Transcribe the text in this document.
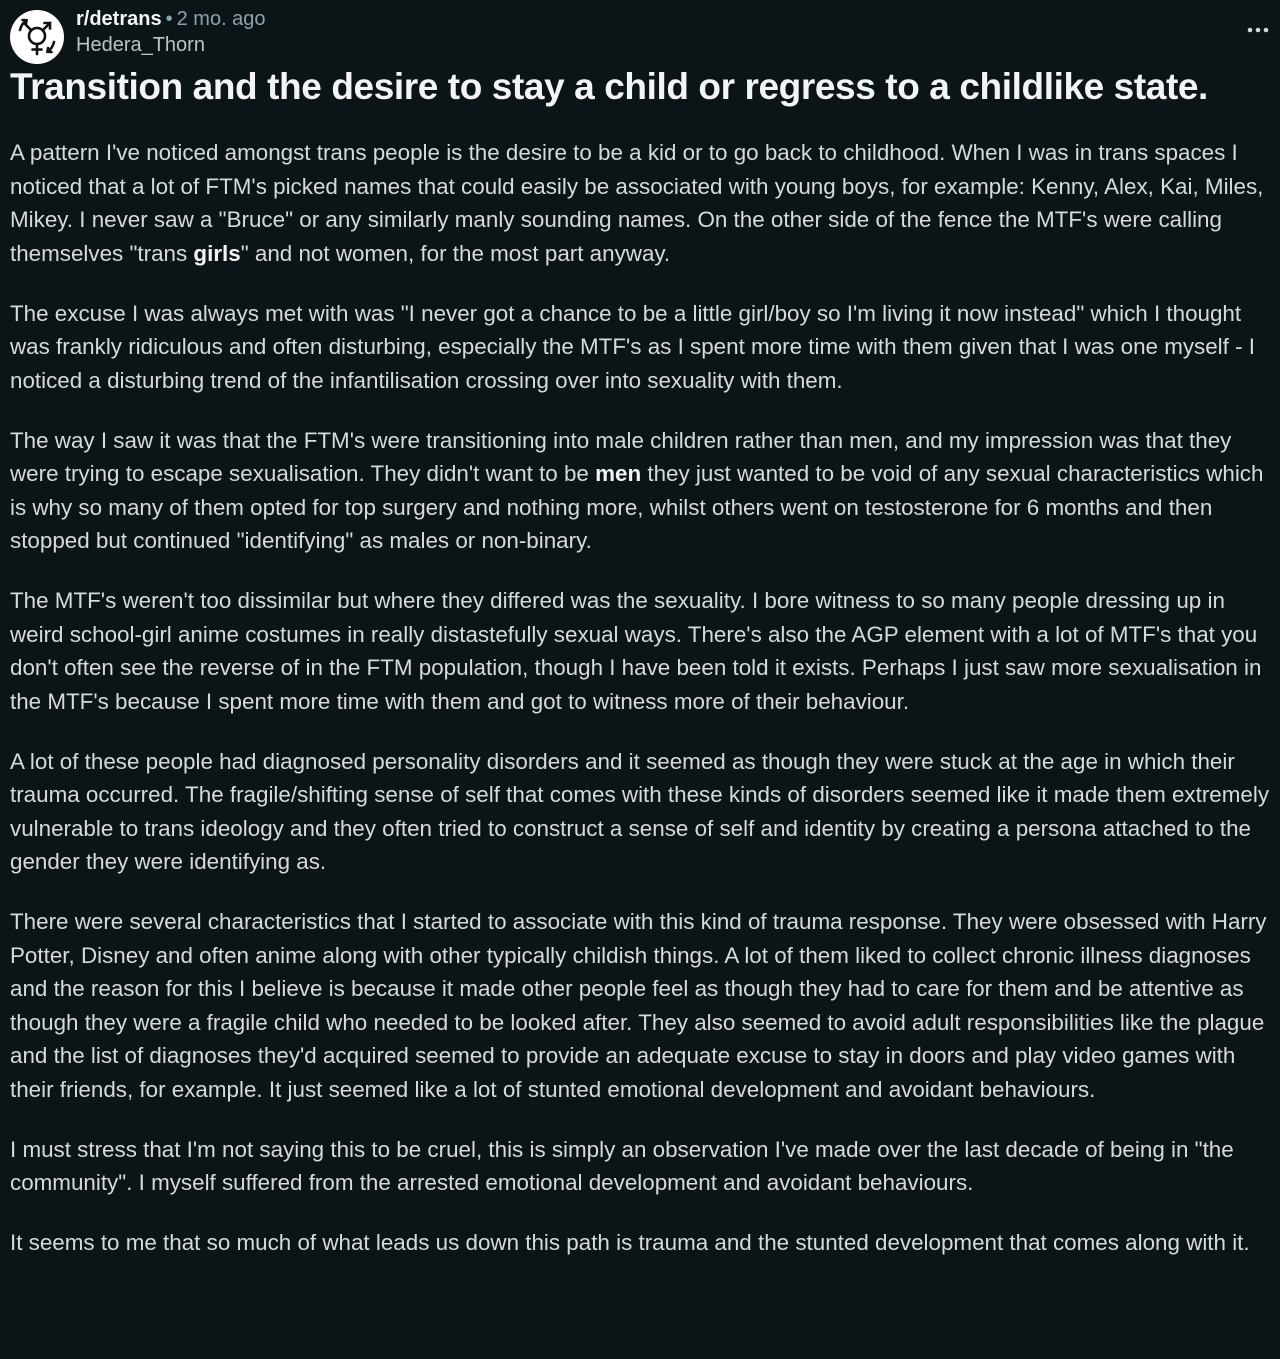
r/detrans • 2 mo. ago
Hedera_Thorn
Transition and the desire to stay a child or regress to a childlike state.

A pattern I've noticed amongst trans people is the desire to be a kid or to go back to childhood. When I was in trans spaces I noticed that a lot of FTM's picked names that could easily be associated with young boys, for example: Kenny, Alex, Kai, Miles, Mikey. I never saw a "Bruce" or any similarly manly sounding names. On the other side of the fence the MTF's were calling themselves "trans girls" and not women, for the most part anyway.

The excuse I was always met with was "I never got a chance to be a little girl/boy so I'm living it now instead" which I thought was frankly ridiculous and often disturbing, especially the MTF's as I spent more time with them given that I was one myself - I noticed a disturbing trend of the infantilisation crossing over into sexuality with them.

The way I saw it was that the FTM's were transitioning into male children rather than men, and my impression was that they were trying to escape sexualisation. They didn't want to be men they just wanted to be void of any sexual characteristics which is why so many of them opted for top surgery and nothing more, whilst others went on testosterone for 6 months and then stopped but continued "identifying" as males or non-binary.

The MTF's weren't too dissimilar but where they differed was the sexuality. I bore witness to so many people dressing up in weird school-girl anime costumes in really distastefully sexual ways. There's also the AGP element with a lot of MTF's that you don't often see the reverse of in the FTM population, though I have been told it exists. Perhaps I just saw more sexualisation in the MTF's because I spent more time with them and got to witness more of their behaviour.

A lot of these people had diagnosed personality disorders and it seemed as though they were stuck at the age in which their trauma occurred. The fragile/shifting sense of self that comes with these kinds of disorders seemed like it made them extremely vulnerable to trans ideology and they often tried to construct a sense of self and identity by creating a persona attached to the gender they were identifying as.

There were several characteristics that I started to associate with this kind of trauma response. They were obsessed with Harry Potter, Disney and often anime along with other typically childish things. A lot of them liked to collect chronic illness diagnoses and the reason for this I believe is because it made other people feel as though they had to care for them and be attentive as though they were a fragile child who needed to be looked after. They also seemed to avoid adult responsibilities like the plague and the list of diagnoses they'd acquired seemed to provide an adequate excuse to stay in doors and play video games with their friends, for example. It just seemed like a lot of stunted emotional development and avoidant behaviours.

I must stress that I'm not saying this to be cruel, this is simply an observation I've made over the last decade of being in "the community". I myself suffered from the arrested emotional development and avoidant behaviours.

It seems to me that so much of what leads us down this path is trauma and the stunted development that comes along with it.
